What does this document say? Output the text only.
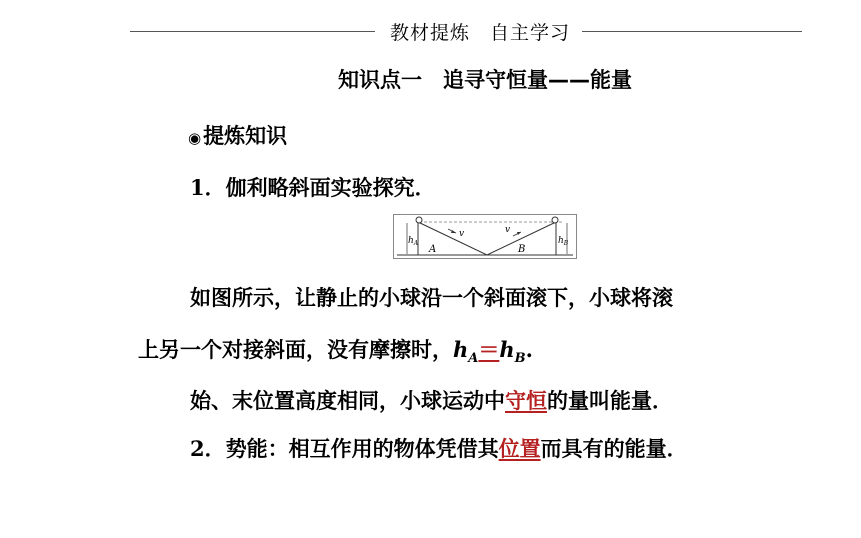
教材提炼　自主学习
知识点一　追寻守恒量——能量
◉提炼知识
1．伽利略斜面实验探究．
A	B
v	v
$h_A$	$h_B$
如图所示，让静止的小球沿一个斜面滚下，小球将滚
上另一个对接斜面，没有摩擦时，$h_A=h_B$.
始、末位置高度相同，小球运动中守恒的量叫能量．
2．势能：相互作用的物体凭借其位置而具有的能量．
